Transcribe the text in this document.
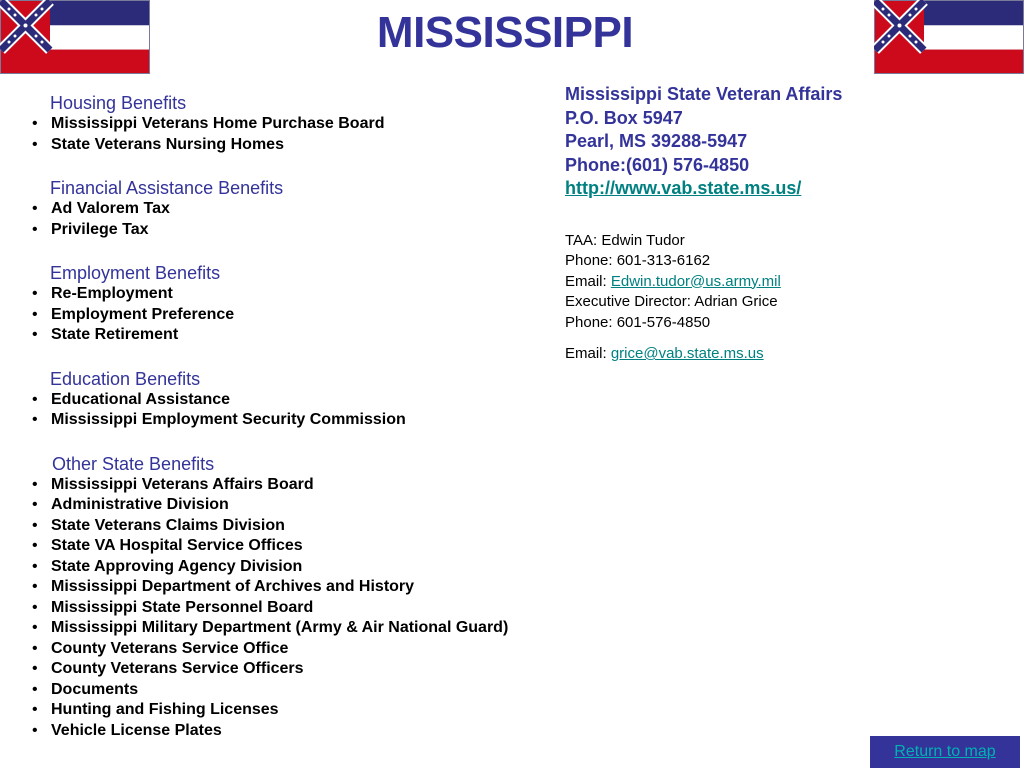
MISSISSIPPI
Housing Benefits
• Mississippi Veterans Home Purchase Board
• State Veterans Nursing Homes
Financial Assistance Benefits
• Ad Valorem Tax
• Privilege Tax
Employment Benefits
• Re-Employment
• Employment Preference
• State Retirement
Education Benefits
• Educational Assistance
• Mississippi Employment Security Commission
Other State Benefits
• Mississippi Veterans Affairs Board
• Administrative Division
• State Veterans Claims Division
• State VA Hospital Service Offices
• State Approving Agency Division
• Mississippi Department of Archives and History
• Mississippi State Personnel Board
• Mississippi Military Department (Army & Air National Guard)
• County Veterans Service Office
• County Veterans Service Officers
• Documents
• Hunting and Fishing Licenses
• Vehicle License Plates
Mississippi State Veteran Affairs
P.O. Box 5947
Pearl, MS 39288-5947
Phone:(601) 576-4850
http://www.vab.state.ms.us/
TAA: Edwin Tudor
Phone: 601-313-6162
Email: Edwin.tudor@us.army.mil
Executive Director: Adrian Grice
Phone: 601-576-4850
Email: grice@vab.state.ms.us
Return to map
